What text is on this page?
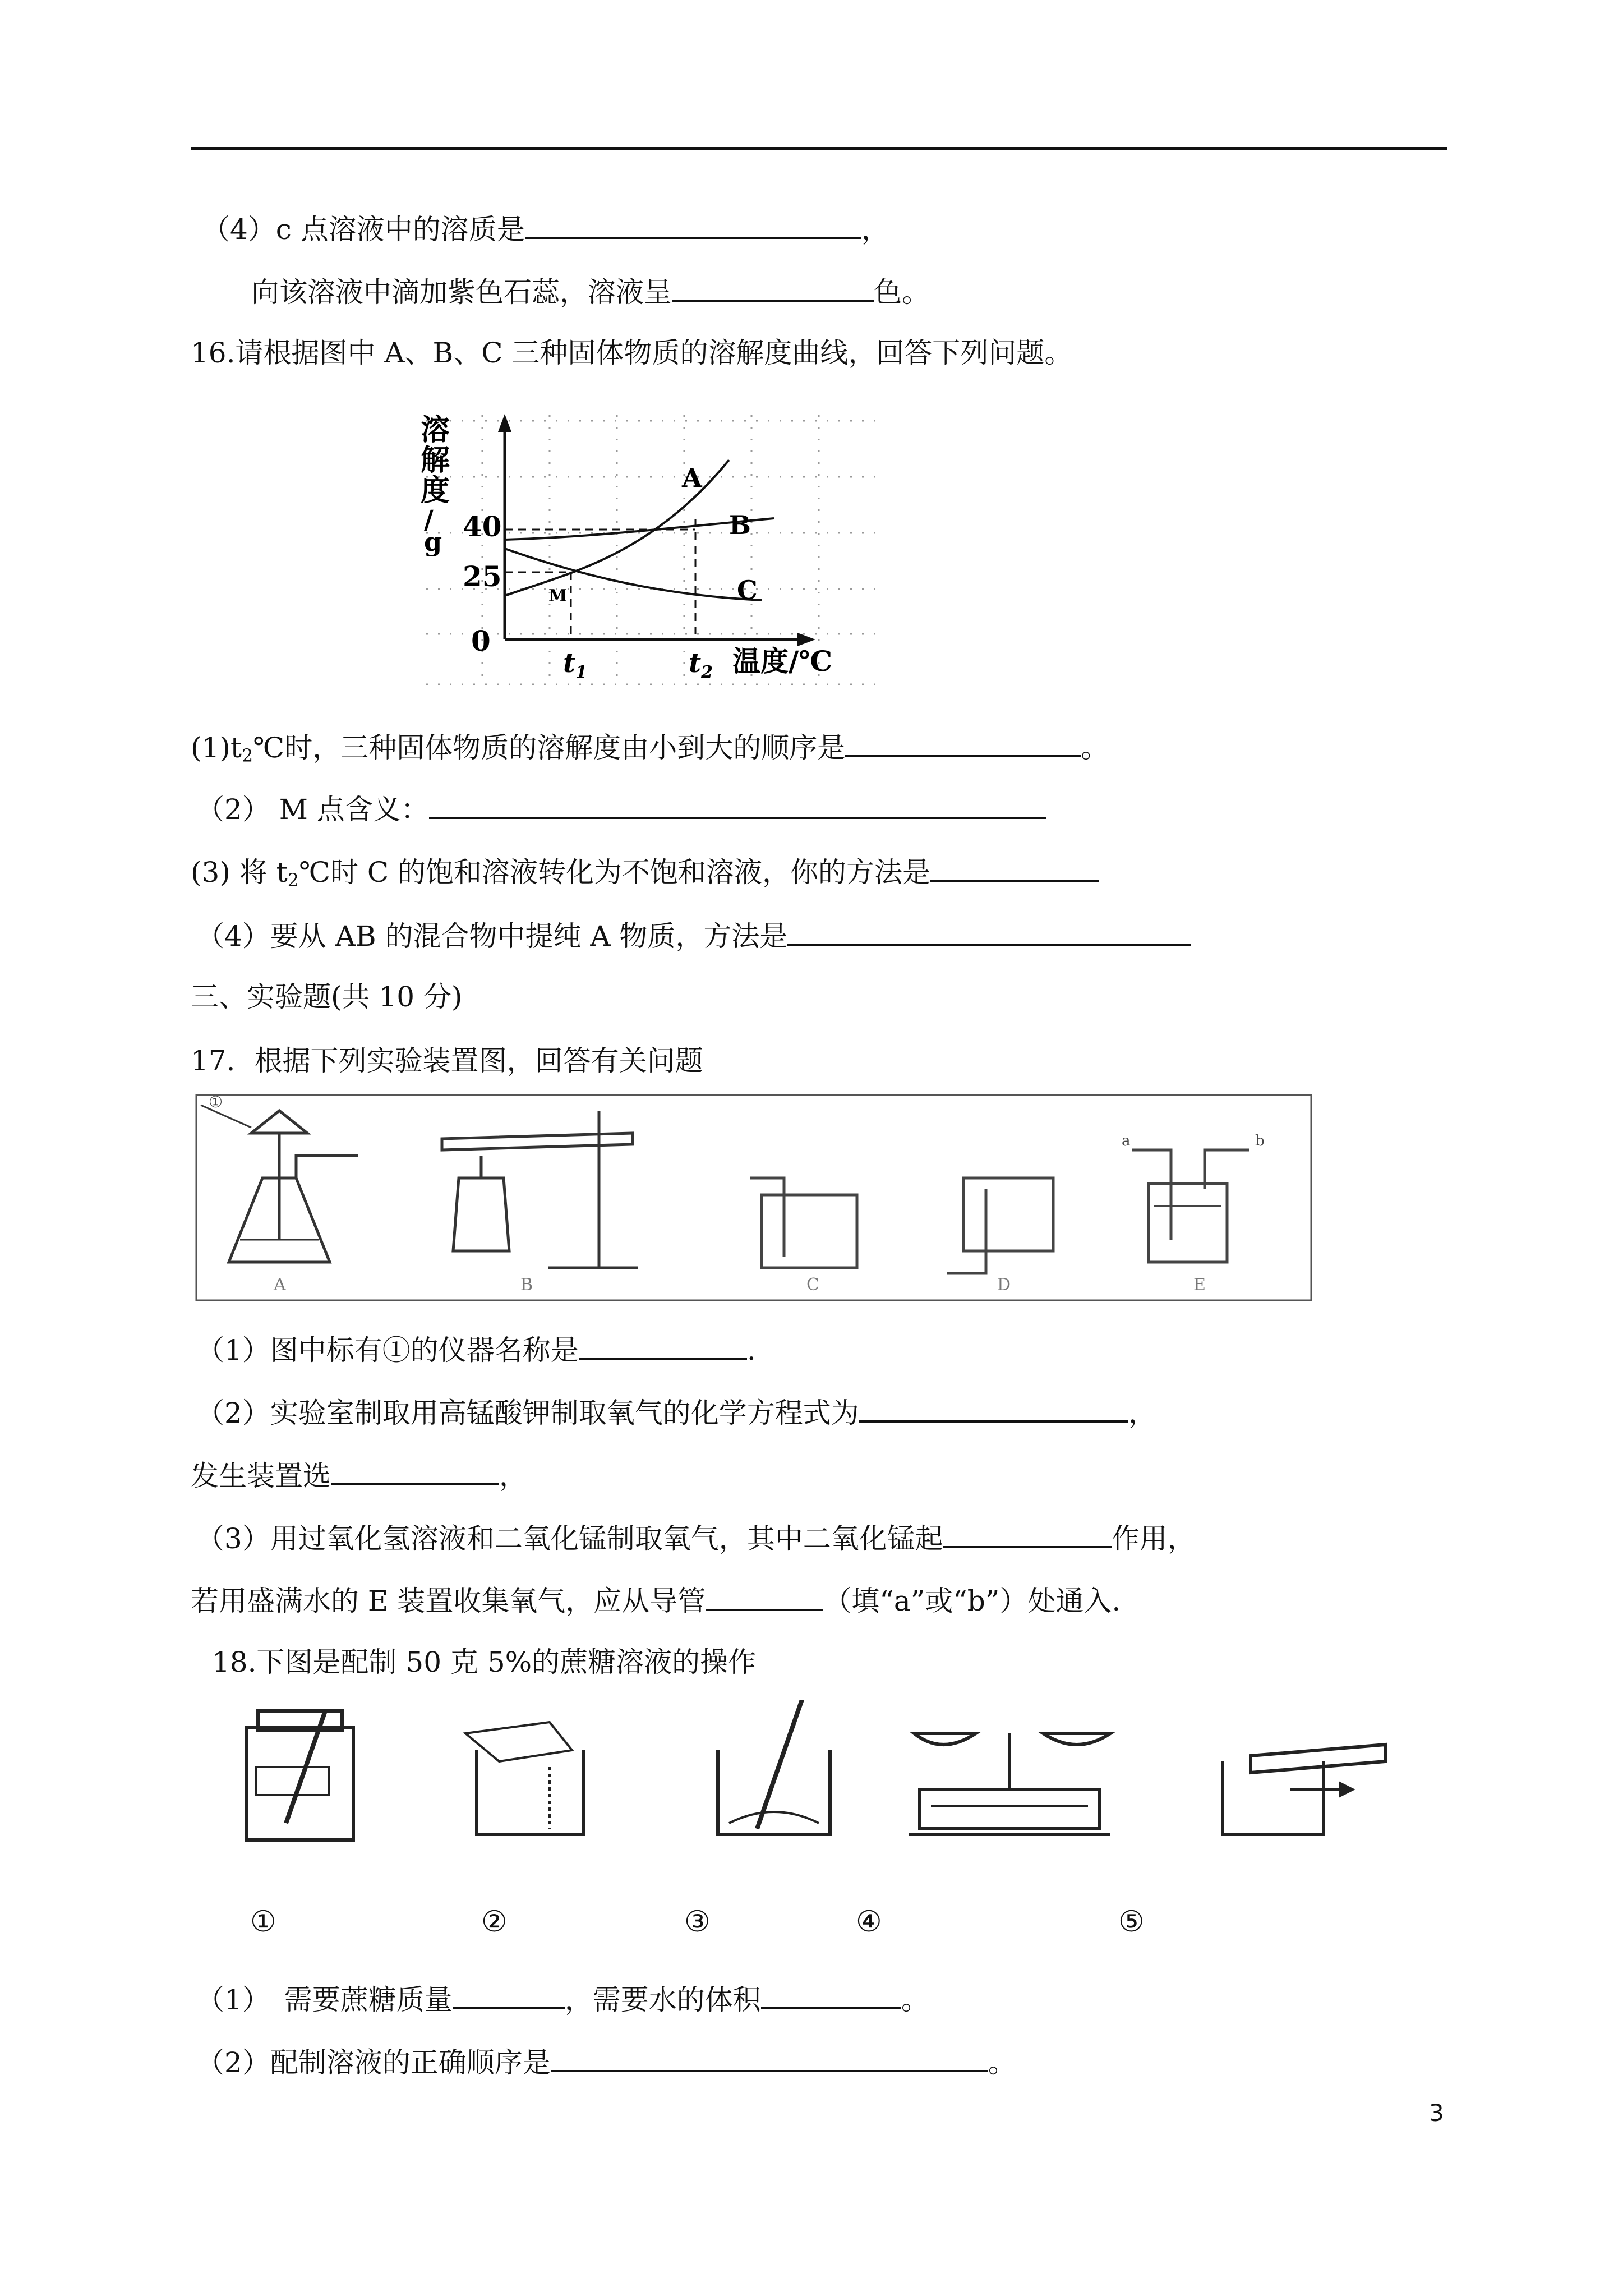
（4）c 点溶液中的溶质是	，
向该溶液中滴加紫色石蕊，溶液呈	色。
16.请根据图中 A、B、C 三种固体物质的溶解度曲线，回答下列问题。
溶
解
度
/
g
0
25
40
A
B
C
M
$t_1$	$t_2$ 温度/℃
$(1)t_2℃$时，三种固体物质的溶解度由小到大的顺序是	。
（2） M 点含义：
(3) 将 $t_2℃$时 C 的饱和溶液转化为不饱和溶液，你的方法是
（4）要从 AB 的混合物中提纯 A 物质，方法是
三、实验题(共 10 分)
17．根据下列实验装置图，回答有关问题
①
a	b
A	B	C	D	E
（1）图中标有①的仪器名称是	.
（2）实验室制取用高锰酸钾制取氧气的化学方程式为	，
发生装置选	，
（3）用过氧化氢溶液和二氧化锰制取氧气，其中二氧化锰起	作用，
若用盛满水的 E 装置收集氧气，应从导管	（填“a”或“b”）处通入.
18.下图是配制 50 克 5%的蔗糖溶液的操作
①	②	③	④	⑤
（1）　需要蔗糖质量	，需要水的体积	。
（2）配制溶液的正确顺序是	。
3
